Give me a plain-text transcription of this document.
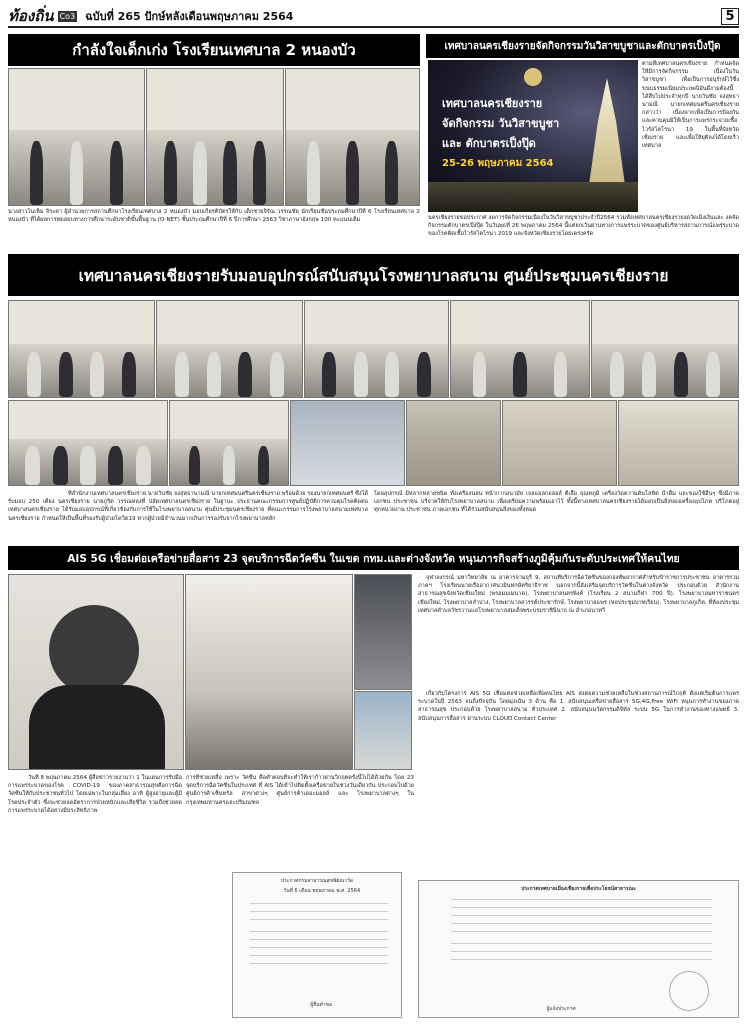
ท้องถิ่น Co3 ฉบับที่ 265 ปักษ์หลังเดือนพฤษภาคม 2564	5
กำลังใจเด็กเก่ง โรงเรียนเทศบาล 2 หนองบัว
นางสาวโนเห็ม จิระตา ผู้อำนวยการสถานศึกษาโรงเรียนเทศบาล 2 หนองบัว มอบเกียรติบัตรให้กับ เด็กชายจิรัณ วรรณชัย นักเรียนชั้นประถมศึกษาปีที่ 6 โรงเรียนเทศบาล 2 หนองบัว ที่ได้ผลการทดสอบทางการศึกษาระดับชาติขั้นพื้นฐาน (O-NET) ชั้นประถมศึกษาปีที่ 6 ปีการศึกษา 2563 วิชาภาษาอังกฤษ 100 คะแนนเต็ม
เทศบาลนครเชียงรายจัดกิจกรรมวันวิสาขบูชาและตักบาตรเป็งปุ๊ด
เทศบาลนครเชียงราย
จัดกิจกรรม วันวิสาขบูชา
และ ตักบาตรเป็งปุ๊ด
25-26 พฤษภาคม 2564
ตามที่เทศบาลนครเชียงราย กำหนดจัดให้มีการจัดกิจกรรม เนื่องในวันวิสาขบูชา เพื่อเป็นการอนุรักษ์ไว้ซึ่งขนบธรรมเนียมประเพณีอันดีงามต้องนี้ได้สืบไปประจำทุกปี นายวันชัย จงสุทธานามณี นายกเทศมนตรีนครเชียงราย กล่าวว่า เนื่องจากเพื่อเป็นการป้องกันและควบคุมมิให้เป็นการแพร่กระจายเชื้อไวรัสโคโรนา 19 ในพื้นที่จังหวัดเชียงราย และเพื่อให้ยุติลงได้โดยเร็วเทศบาล
นครเชียงรายขอประกาศ งดการจัดกิจกรรมเนื่องในวันวิสาขบูชาประจำปี2564 รวมทั้งเทศบาลนครเชียงรายงดวัดเม็งเงินและ งดจัดกิจกรรมตักบาตรเป็งปุ๊ด ในวันพุธที่ 26 พฤษภาคม 2564 นี้แต่ยกเว้นผ่านทางการแพร่ระบาดของศูนย์บริหารสถานการณ์แพร่ระบาดของโรคติดเชื้อไวรัสโคโรนา 2019 และจังหวัดเชียงรายโดยเคร่งครัด
เทศบาลนครเชียงรายรับมอบอุปกรณ์สนับสนุนโรงพยาบาลสนาม ศูนย์ประชุมนครเชียงราย
ที่สำนักงานเทศบาลนครเชียงราย นายวันชัย จงสุทธานามณี นายกเทศมนตรีนครเชียงราย พร้อมด้วย รองนายกเทศมนตรี ซึ่งได้รับมอบ 250 เตียง นครเชียงราย นายภูริต วรรณหลงที่ ปลัดเทศบาลนครเชียงราย ในฐานะ ประธานคณะกรรมการศูนย์ปฏิบัติการควบคุมโรคติดต่อเทศบาลนครเชียงราย ได้รับมอบอุปกรณ์ที่เกี่ยวข้องกับการใช้ในโรงพยาบาลสนาม ศูนย์ประชุมนครเชียงราย ที่คณะกรรมการโรงพยาบาลสนามเทศบาลนครเชียงราย กำหนดให้เป็นพื้นที่รองรับผู้ป่วยโควิด19 หากผู้ป่วยมีจำนวนมากเกินการรองรับจากโรงพยาบาลหลัก
โดยอุปกรณ์ มีหลากหลายชนิด ทั้งเครื่องนอน หน้ากากอนามัย เจลแอลกอฮอล์ ตีเสื้อ อุณหภูมิ เครื่องวัดความดันโลหิต น้ำดื่ม และของใช้อื่นๆ ซึ่งมีภาคเอกชน ประชาชน บริจาคให้กับโรงพยาบาลสนาม เพื่อเตรียมความพร้อมเอาไว้ ทั้งนี้ทางเทศบาลนครเชียงรายได้มอบเป็นสิ่งของเครื่องอุปโภค บริโภคอยู่ ทุกหน่วยงาน ประชาชน ภาคเอกชน ที่ได้ร่วมสนับสนุนสิ่งของทั้งหมด
AIS 5G เชื่อมต่อเครือข่ายสื่อสาร 23 จุดบริการฉีดวัคซีน ในเขต กทม.และต่างจังหวัด หนุนภารกิจสร้างภูมิคุ้มกันระดับประเทศให้คนไทย
จุฬาลงกรณ์ มหาวิทยาลัย ณ อาคารจามจุรี 9, สถานที่บริการฉีดวัคซีนของกองทัพอากาศสำหรับข้าราชการประชาชน อาคารรวมภาคฯ โรงเรียนนายเรืออากาศนวมินทกษัตริยาธิราช นอกจากนี้ยังเสริมจุดบริการวัคซีนในต่างจังหวัด ประกอบด้วย สำนักงานสาธารณสุขจังหวัดเชียงใหม่ (พรอมมเมนาด), โรงพยาบาลนครพิงค์ (โรงเรียน 2 สนามกีฬา 700 ปี), โรงพยาบาลมหาราชนครเชียงใหม่, โรงพยาบาลลำปาง, โรงพยาบาลสวรรค์ประชารักษ์, โรงพยาบาลแพร่ (หอประชุมบาทเรียน), โรงพยาบาลภูเก็ต, ที่ห้องประชุมเทศบาลตำบลวัชรวานแลโรงพยาบาลสมเด็จพระบรมราชินีนาถ ณ อำเภอนาทวี
เกี่ยวกับโครงการ AIS 5G เชื่อมต่อช่วยเหลือเพื่อคนไทย AIS ส่งต่อความช่วยเหลือในช่วงสถานการณ์วิกฤติ ตั้งแต่เริ่มต้นการแพร่ระบาดในปี 2563 จนถึงปัจจุบัน โดยมุ่งเน้น 3 ด้าน คือ 1. สนับสนุนเครือข่ายสื่อสาร 5G,4G,Free WiFi หนุนการทำงานของภาคสาธารณสุข ประกอบด้วย โรงพยาบาลสนาม ทั่วประเทศ 2. สนับสนุนนวัตกรรมดิจิทัล ระบบ 5G ในการทำงานของทางแพทย์ 3. สนับสนุนการสื่อสาร ผ่านระบบ CLOUD Contact Center
วันที่ 8 พฤษภาคม 2564 ผู้สื่อข่าวรายงานว่า 1 ในแผนการรับมือการแพร่ระบาดของโรค COVID-19 ของภาคสาธารณสุขคือการฉีดวัคซีนให้กับประชาชนทั่วไป โดยเฉพาะในกลุ่มเสี่ยง อาทิ ผู้สูงอายุและผู้มีโรคประจำตัว ซึ่งจะช่วยลดอัตราการป่วยหนักและเสียชีวิต รวมถึงช่วยลดการแพร่ระบาดได้อย่างมีประสิทธิภาพ
การที่ช่วยเหลือ เพราะ วัคซีน คือคำตอบที่จะทำให้เราก้าวผ่านวิกฤตครั้งนี้ไปได้ด้วยกัน โดย 23 จุดบริการฉีดวัคซีนในประเทศ ที่ AIS ได้เข้าไปติดตั้งเครือข่ายในช่วงวันเดียวกัน ประกอบไปด้วย ศูนย์การค้าเซ็นทรัล สาขาต่างๆ ศูนย์การค้าเดอะมอลล์ และ โรงพยาบาลต่างๆ ในกรุงเทพมหานครและปริมณฑล
ประกาศกรมสาธารณสุขพัฒนาวัด
วันที่ 6 เดือน พฤษภาคม พ.ศ. 2564
ผู้ยื่นคำขอ
ประกาศเทศบาลเมืองเชียงรายเพื่อประโยชน์สาธารณะ
ผู้แจ้งประกาศ
